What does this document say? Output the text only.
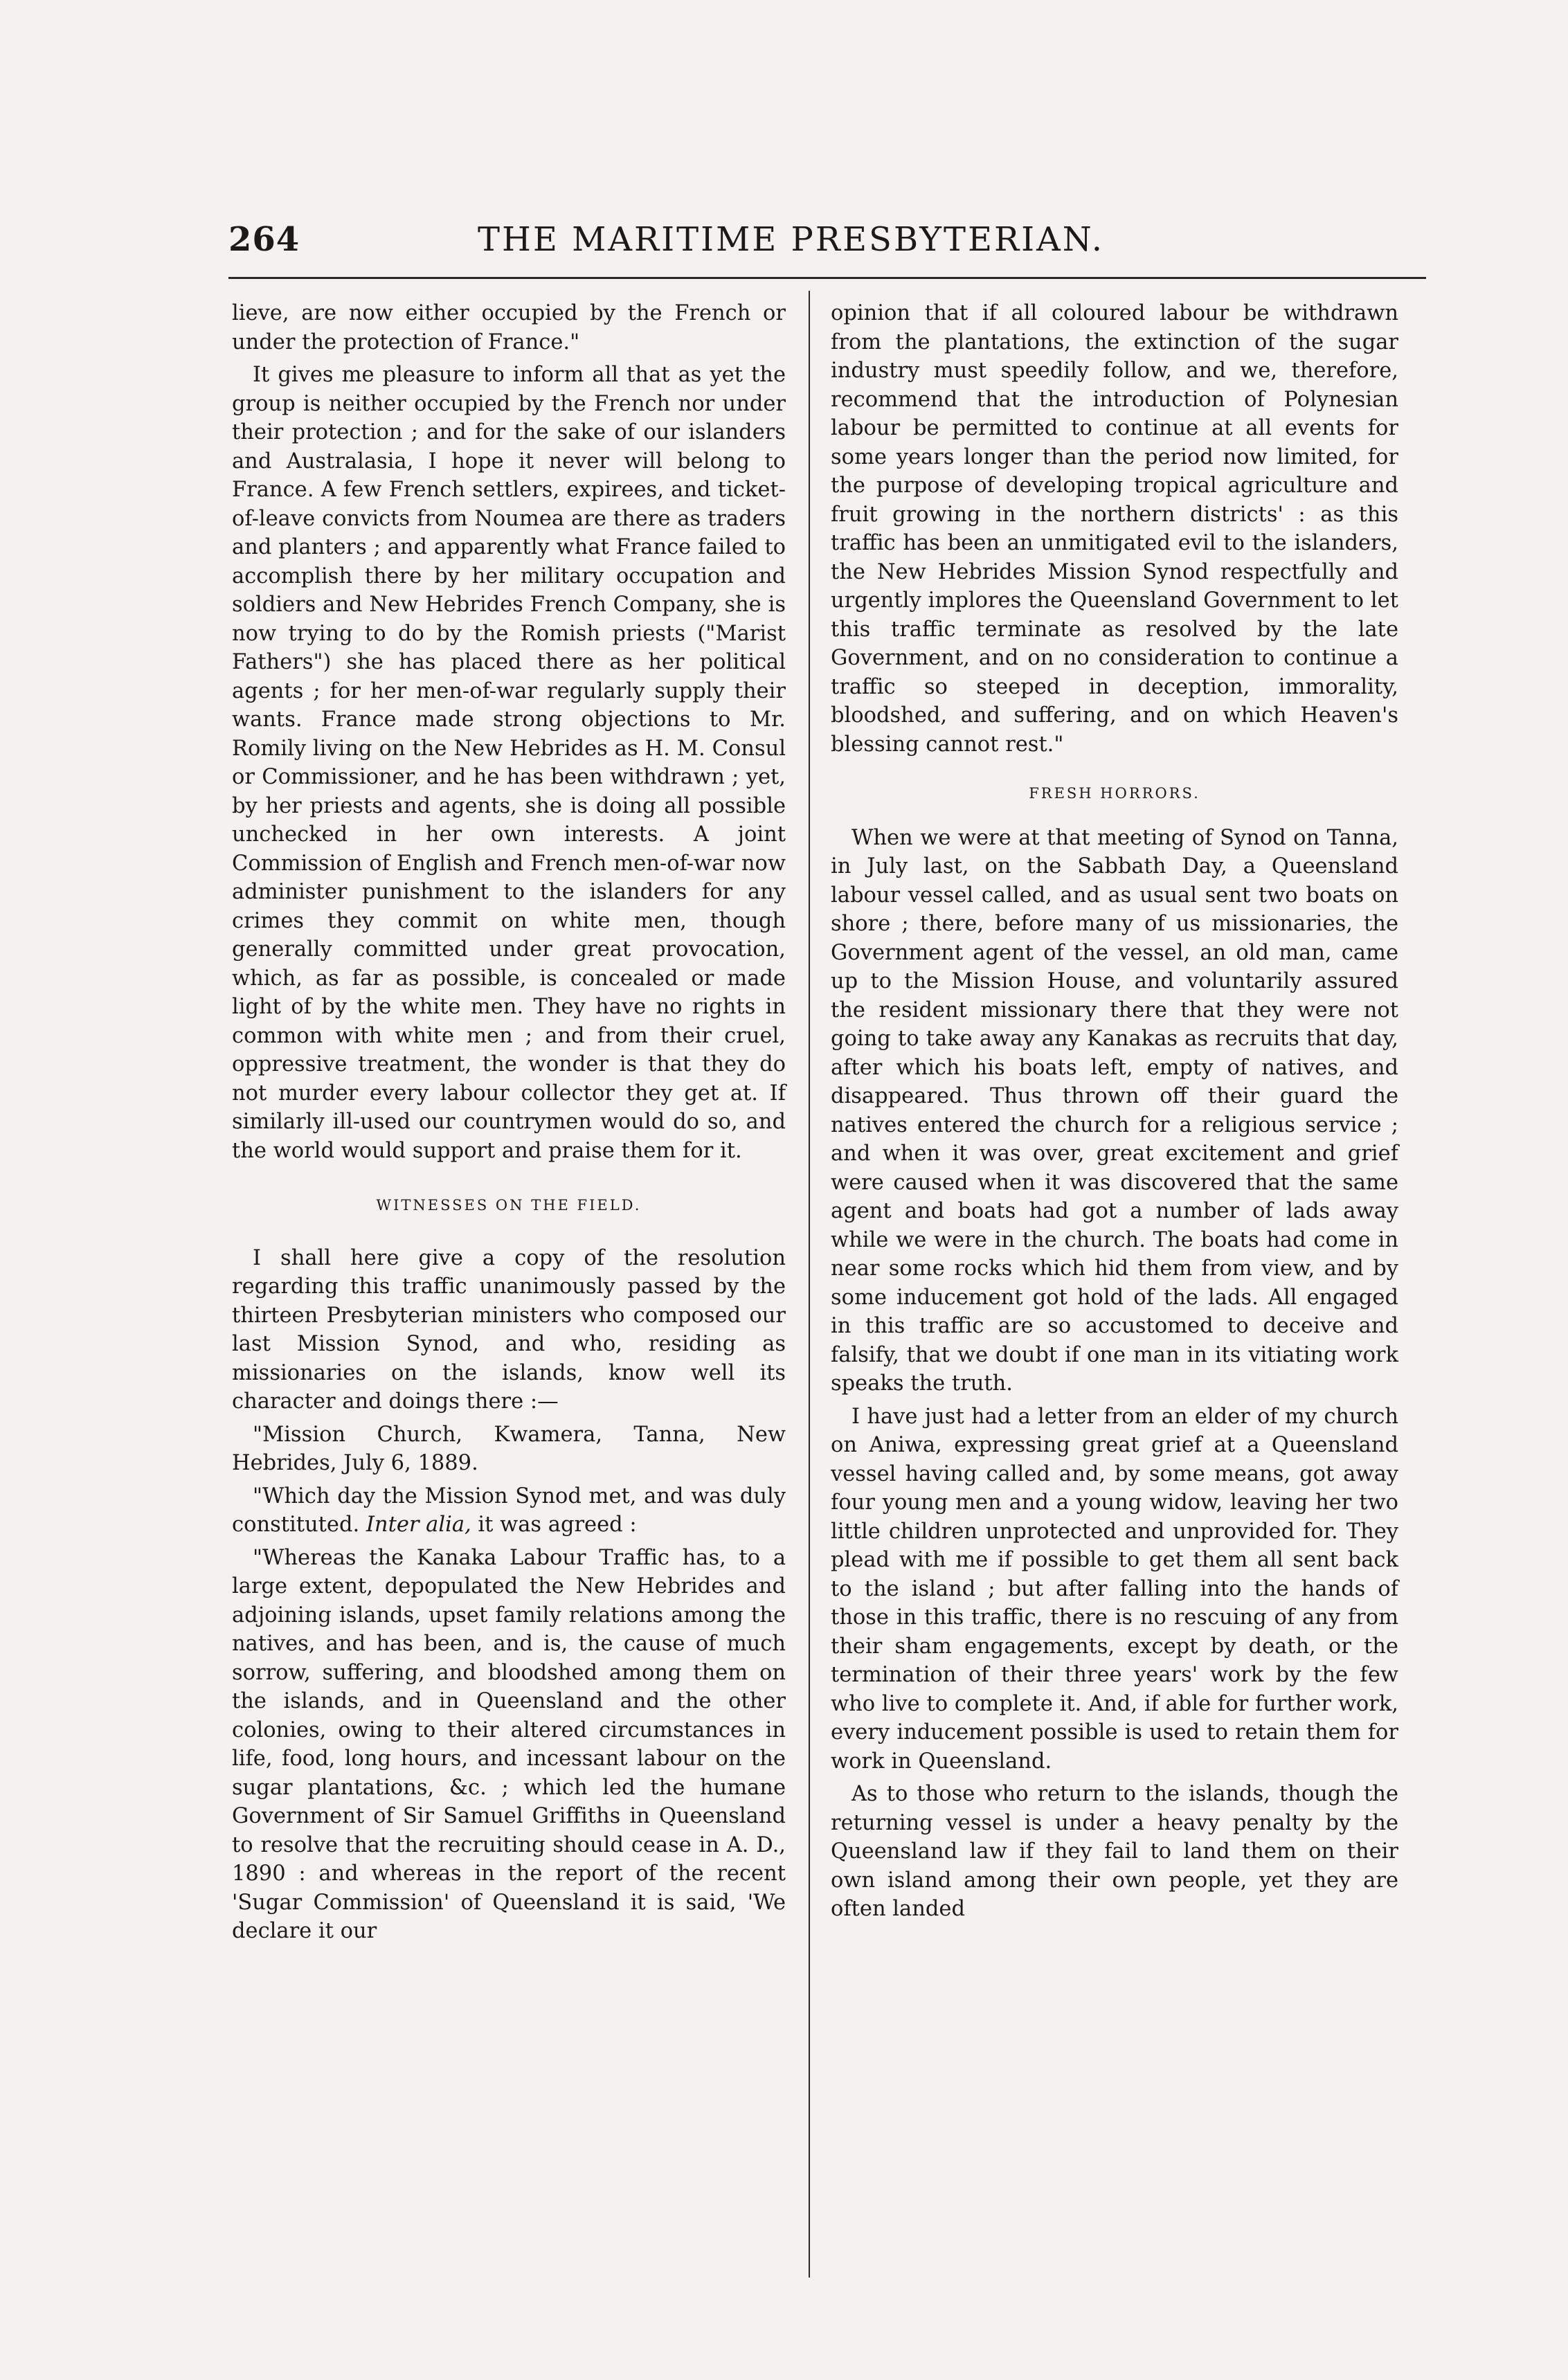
264	THE MARITIME PRESBYTERIAN.

lieve, are now either occupied by the French or under the protection of France."

It gives me pleasure to inform all that as yet the group is neither occupied by the French nor under their protection ; and for the sake of our islanders and Australasia, I hope it never will belong to France. A few French settlers, expirees, and ticket-of-leave convicts from Noumea are there as traders and planters ; and apparently what France failed to accomplish there by her military occupation and soldiers and New Hebrides French Company, she is now trying to do by the Romish priests ("Marist Fathers") she has placed there as her political agents ; for her men-of-war regularly supply their wants. France made strong objections to Mr. Romily living on the New Hebrides as H. M. Consul or Commissioner, and he has been withdrawn ; yet, by her priests and agents, she is doing all possible unchecked in her own interests. A joint Commission of English and French men-of-war now administer punishment to the islanders for any crimes they commit on white men, though generally committed under great provocation, which, as far as possible, is concealed or made light of by the white men. They have no rights in common with white men ; and from their cruel, oppressive treatment, the wonder is that they do not murder every labour collector they get at. If similarly ill-used our countrymen would do so, and the world would support and praise them for it.

WITNESSES ON THE FIELD.

I shall here give a copy of the resolution regarding this traffic unanimously passed by the thirteen Presbyterian ministers who composed our last Mission Synod, and who, residing as missionaries on the islands, know well its character and doings there :—

"Mission Church, Kwamera, Tanna, New Hebrides, July 6, 1889.

"Which day the Mission Synod met, and was duly constituted. Inter alia, it was agreed :

"Whereas the Kanaka Labour Traffic has, to a large extent, depopulated the New Hebrides and adjoining islands, upset family relations among the natives, and has been, and is, the cause of much sorrow, suffering, and bloodshed among them on the islands, and in Queensland and the other colonies, owing to their altered circumstances in life, food, long hours, and incessant labour on the sugar plantations, &c. ; which led the humane Government of Sir Samuel Griffiths in Queensland to resolve that the recruiting should cease in A. D., 1890 : and whereas in the report of the recent 'Sugar Commission' of Queensland it is said, 'We declare it our

opinion that if all coloured labour be withdrawn from the plantations, the extinction of the sugar industry must speedily follow, and we, therefore, recommend that the introduction of Polynesian labour be permitted to continue at all events for some years longer than the period now limited, for the purpose of developing tropical agriculture and fruit growing in the northern districts' : as this traffic has been an unmitigated evil to the islanders, the New Hebrides Mission Synod respectfully and urgently implores the Queensland Government to let this traffic terminate as resolved by the late Government, and on no consideration to continue a traffic so steeped in deception, immorality, bloodshed, and suffering, and on which Heaven's blessing cannot rest."

FRESH HORRORS.

When we were at that meeting of Synod on Tanna, in July last, on the Sabbath Day, a Queensland labour vessel called, and as usual sent two boats on shore ; there, before many of us missionaries, the Government agent of the vessel, an old man, came up to the Mission House, and voluntarily assured the resident missionary there that they were not going to take away any Kanakas as recruits that day, after which his boats left, empty of natives, and disappeared. Thus thrown off their guard the natives entered the church for a religious service ; and when it was over, great excitement and grief were caused when it was discovered that the same agent and boats had got a number of lads away while we were in the church. The boats had come in near some rocks which hid them from view, and by some inducement got hold of the lads. All engaged in this traffic are so accustomed to deceive and falsify, that we doubt if one man in its vitiating work speaks the truth.

I have just had a letter from an elder of my church on Aniwa, expressing great grief at a Queensland vessel having called and, by some means, got away four young men and a young widow, leaving her two little children unprotected and unprovided for. They plead with me if possible to get them all sent back to the island ; but after falling into the hands of those in this traffic, there is no rescuing of any from their sham engagements, except by death, or the termination of their three years' work by the few who live to complete it. And, if able for further work, every inducement possible is used to retain them for work in Queensland.

As to those who return to the islands, though the returning vessel is under a heavy penalty by the Queensland law if they fail to land them on their own island among their own people, yet they are often landed
